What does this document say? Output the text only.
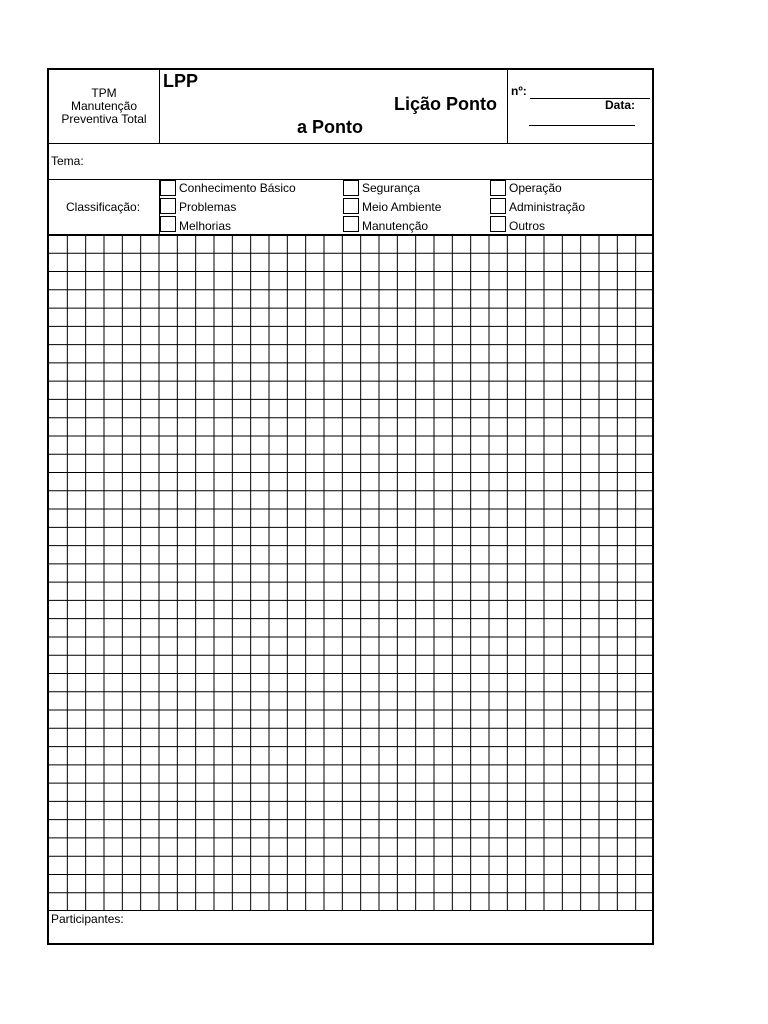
TPM
Manutenção
Preventiva Total
LPP
Lição Ponto
a Ponto
nº:
Data:
Tema:
Classificação:
Conhecimento Básico
Problemas
Melhorias
Segurança
Meio Ambiente
Manutenção
Operação
Administração
Outros
Participantes:
